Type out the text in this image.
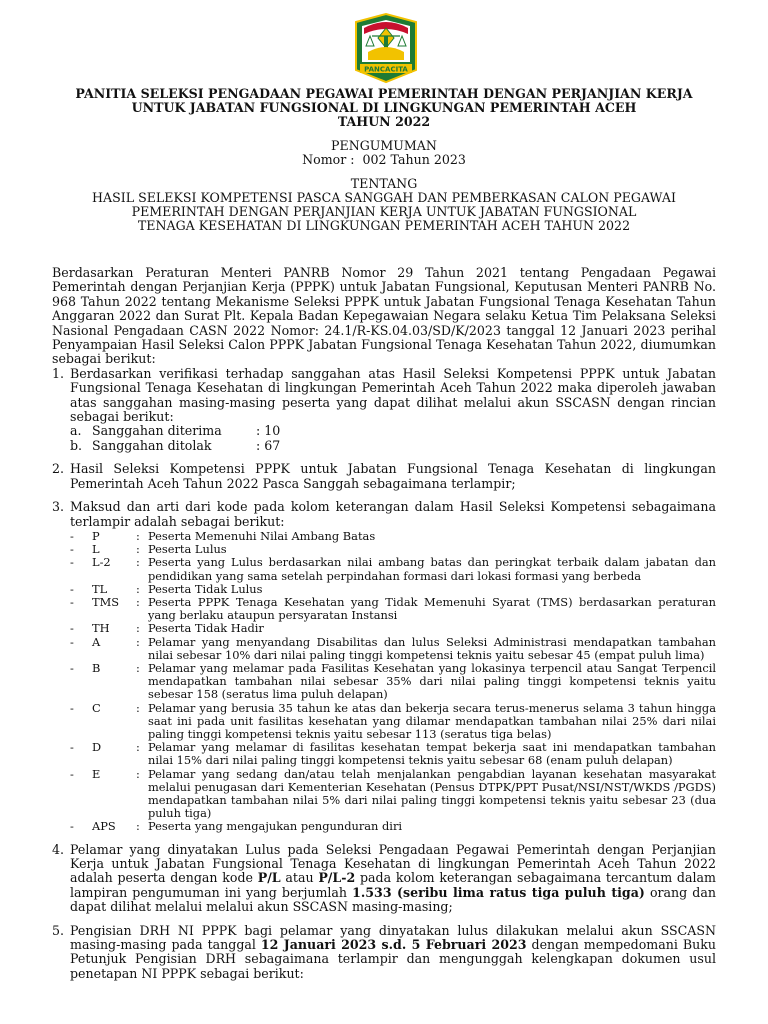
PANCACITA
PANITIA SELEKSI PENGADAAN PEGAWAI PEMERINTAH DENGAN PERJANJIAN KERJA
UNTUK JABATAN FUNGSIONAL DI LINGKUNGAN PEMERINTAH ACEH
TAHUN 2022
PENGUMUMAN
Nomor :  002 Tahun 2023
TENTANG
HASIL SELEKSI KOMPETENSI PASCA SANGGAH DAN PEMBERKASAN CALON PEGAWAI
PEMERINTAH DENGAN PERJANJIAN KERJA UNTUK JABATAN FUNGSIONAL
TENAGA KESEHATAN DI LINGKUNGAN PEMERINTAH ACEH TAHUN 2022

Berdasarkan Peraturan Menteri PANRB Nomor 29 Tahun 2021 tentang Pengadaan Pegawai Pemerintah dengan Perjanjian Kerja (PPPK) untuk Jabatan Fungsional, Keputusan Menteri PANRB No. 968 Tahun 2022 tentang Mekanisme Seleksi PPPK untuk Jabatan Fungsional Tenaga Kesehatan Tahun Anggaran 2022 dan Surat Plt. Kepala Badan Kepegawaian Negara selaku Ketua Tim Pelaksana Seleksi Nasional Pengadaan CASN 2022 Nomor: 24.1/R-KS.04.03/SD/K/2023 tanggal 12 Januari 2023 perihal Penyampaian Hasil Seleksi Calon PPPK Jabatan Fungsional Tenaga Kesehatan Tahun 2022, diumumkan sebagai berikut:

1. Berdasarkan verifikasi terhadap sanggahan atas Hasil Seleksi Kompetensi PPPK untuk Jabatan Fungsional Tenaga Kesehatan di lingkungan Pemerintah Aceh Tahun 2022 maka diperoleh jawaban atas sanggahan masing-masing peserta yang dapat dilihat melalui akun SSCASN dengan rincian sebagai berikut:
a. Sanggahan diterima	: 10
b. Sanggahan ditolak	: 67
2. Hasil Seleksi Kompetensi PPPK untuk Jabatan Fungsional Tenaga Kesehatan di lingkungan Pemerintah Aceh Tahun 2022 Pasca Sanggah sebagaimana terlampir;
3. Maksud dan arti dari kode pada kolom keterangan dalam Hasil Seleksi Kompetensi sebagaimana terlampir adalah sebagai berikut:
-	P	: Peserta Memenuhi Nilai Ambang Batas
-	L	: Peserta Lulus
-	L-2	: Peserta yang Lulus berdasarkan nilai ambang batas dan peringkat terbaik dalam jabatan dan pendidikan yang sama setelah perpindahan formasi dari lokasi formasi yang berbeda
-	TL	: Peserta Tidak Lulus
-	TMS	: Peserta PPPK Tenaga Kesehatan yang Tidak Memenuhi Syarat (TMS) berdasarkan peraturan yang berlaku ataupun persyaratan Instansi
-	TH	: Peserta Tidak Hadir
-	A	: Pelamar yang menyandang Disabilitas dan lulus Seleksi Administrasi mendapatkan tambahan nilai sebesar 10% dari nilai paling tinggi kompetensi teknis yaitu sebesar 45 (empat puluh lima)
-	B	: Pelamar yang melamar pada Fasilitas Kesehatan yang lokasinya terpencil atau Sangat Terpencil mendapatkan tambahan nilai sebesar 35% dari nilai paling tinggi kompetensi teknis yaitu sebesar 158 (seratus lima puluh delapan)
-	C	: Pelamar yang berusia 35 tahun ke atas dan bekerja secara terus-menerus selama 3 tahun hingga saat ini pada unit fasilitas kesehatan yang dilamar mendapatkan tambahan nilai 25% dari nilai paling tinggi kompetensi teknis yaitu sebesar 113 (seratus tiga belas)
-	D	: Pelamar yang melamar di fasilitas kesehatan tempat bekerja saat ini mendapatkan tambahan nilai 15% dari nilai paling tinggi kompetensi teknis yaitu sebesar 68 (enam puluh delapan)
-	E	: Pelamar yang sedang dan/atau telah menjalankan pengabdian layanan kesehatan masyarakat melalui penugasan dari Kementerian Kesehatan (Pensus DTPK/PPT Pusat/NSI/NST/WKDS /PGDS) mendapatkan tambahan nilai 5% dari nilai paling tinggi kompetensi teknis yaitu sebesar 23 (dua puluh tiga)
-	APS	: Peserta yang mengajukan pengunduran diri
4. Pelamar yang dinyatakan Lulus pada Seleksi Pengadaan Pegawai Pemerintah dengan Perjanjian Kerja untuk Jabatan Fungsional Tenaga Kesehatan di lingkungan Pemerintah Aceh Tahun 2022 adalah peserta dengan kode P/L atau P/L-2 pada kolom keterangan sebagaimana tercantum dalam lampiran pengumuman ini yang berjumlah 1.533 (seribu lima ratus tiga puluh tiga) orang dan dapat dilihat melalui melalui akun SSCASN masing-masing;
5. Pengisian DRH NI PPPK bagi pelamar yang dinyatakan lulus dilakukan melalui akun SSCASN masing-masing pada tanggal 12 Januari 2023 s.d. 5 Februari 2023 dengan mempedomani Buku Petunjuk Pengisian DRH sebagaimana terlampir dan mengunggah kelengkapan dokumen usul penetapan NI PPPK sebagai berikut:
